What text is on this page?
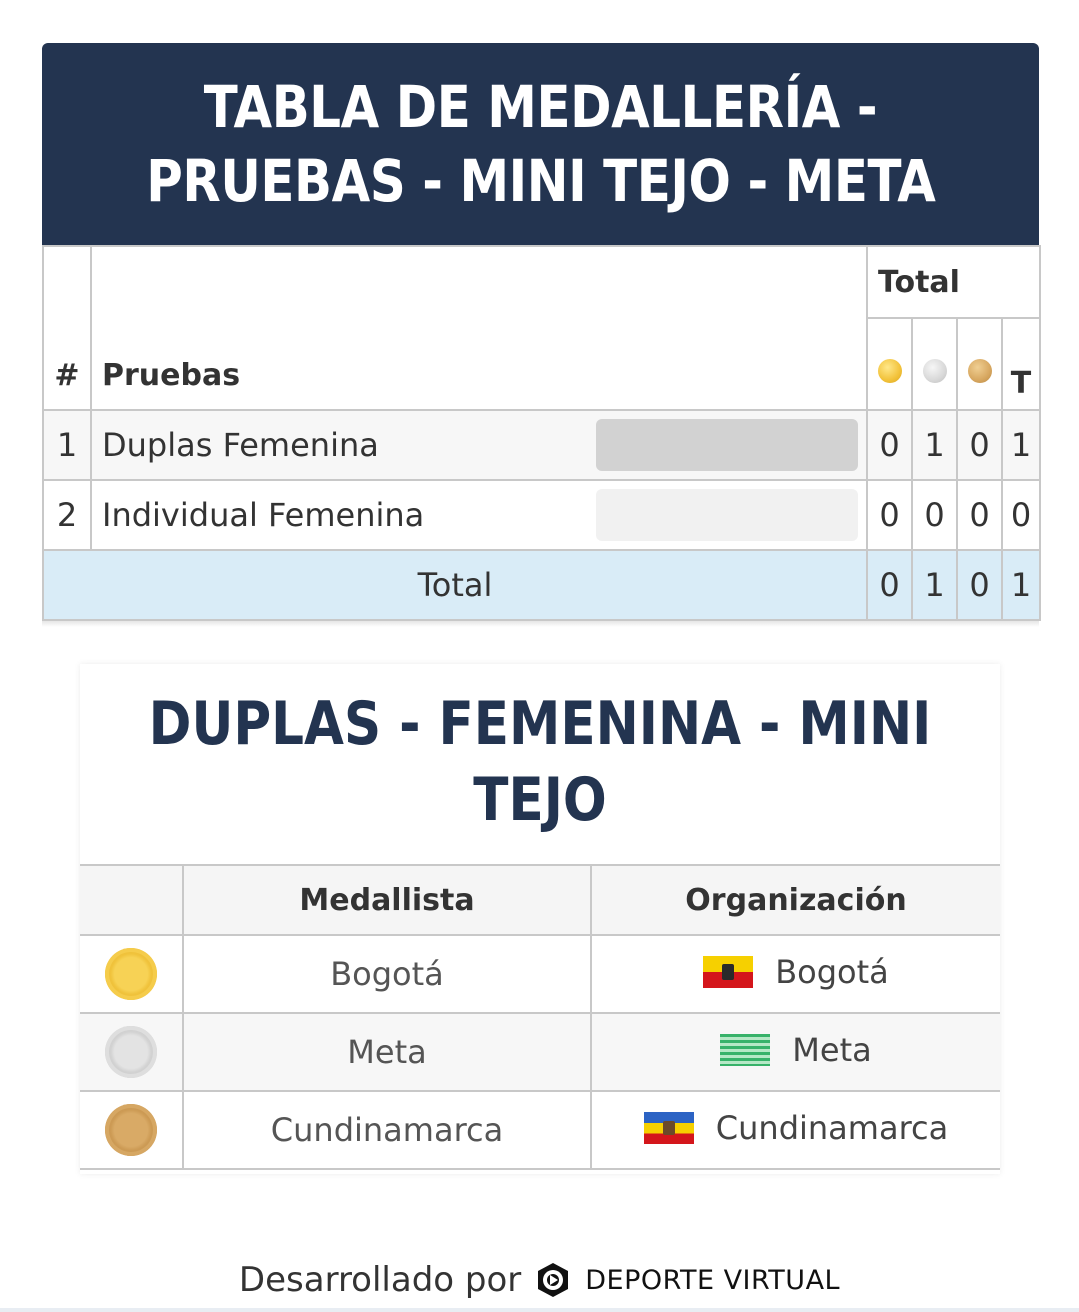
TABLA DE MEDALLERÍA -
PRUEBAS - MINI TEJO - META
#	Pruebas	Total			
					T
1	Duplas Femenina	0	1	0	1
2	Individual Femenina	0	0	0	0
Total		0	1	0	1
DUPLAS - FEMENINA - MINI
TEJO
	Medallista	Organización
	Bogotá	Bogotá

	Meta	Meta

	Cundinamarca	Cundinamarca
Desarrollado por DEPORTE VIRTUAL
